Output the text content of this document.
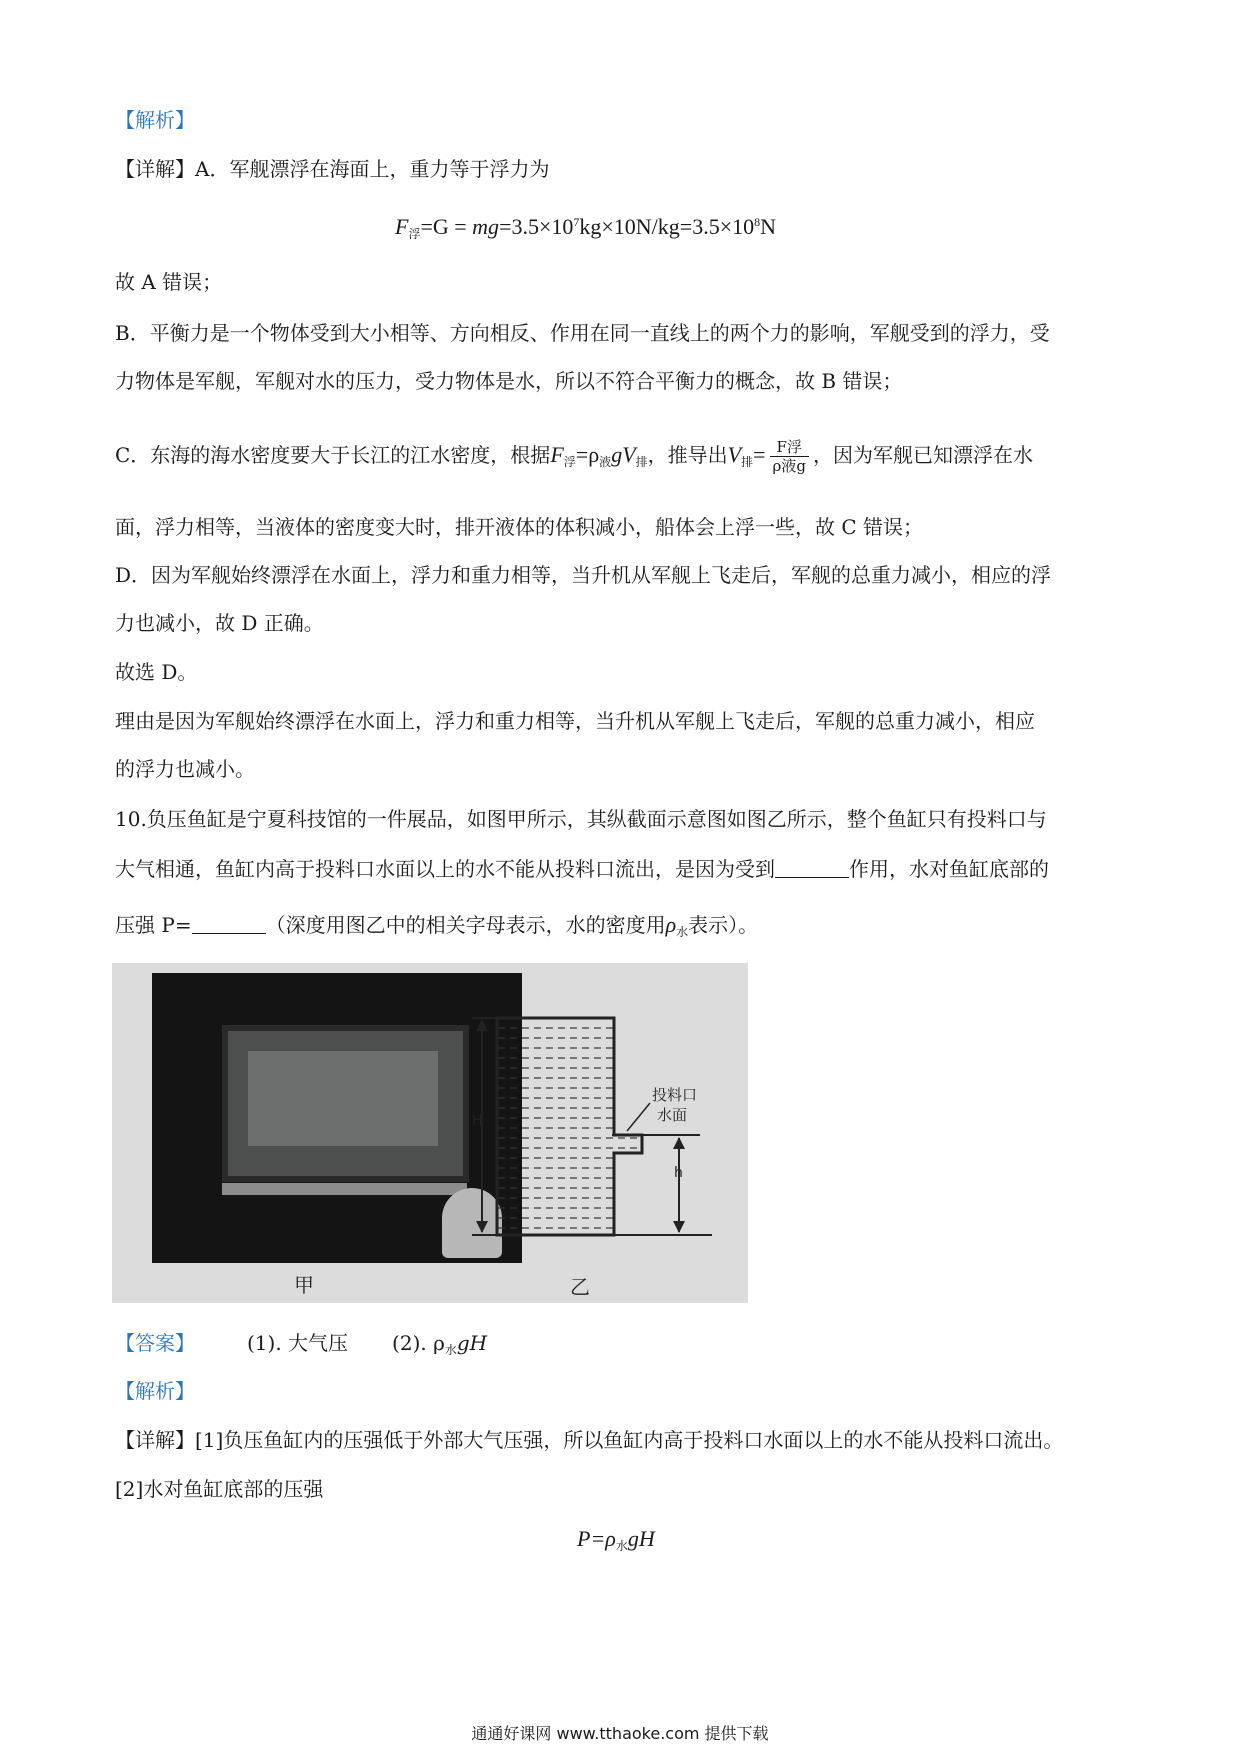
【解析】
【详解】A．军舰漂浮在海面上，重力等于浮力为
$F_浮=G = mg=3.5\times 10^7kg\times 10N/kg=3.5\times 10^8N$
故 A 错误；
B．平衡力是一个物体受到大小相等、方向相反、作用在同一直线上的两个力的影响，军舰受到的浮力，受
力物体是军舰，军舰对水的压力，受力物体是水，所以不符合平衡力的概念，故 B 错误；
C．东海的海水密度要大于长江的江水密度，根据$F_浮=\rho_液gV_排$，推导出$V_排= \frac{\text{F浮}}{\text{ρ液g}}$ ，因为军舰已知漂浮在水
面，浮力相等，当液体的密度变大时，排开液体的体积减小，船体会上浮一些，故 C 错误；
D．因为军舰始终漂浮在水面上，浮力和重力相等，当升机从军舰上飞走后，军舰的总重力减小，相应的浮
力也减小，故 D 正确。
故选 D。
理由是因为军舰始终漂浮在水面上，浮力和重力相等，当升机从军舰上飞走后，军舰的总重力减小，相应
的浮力也减小。
10.负压鱼缸是宁夏科技馆的一件展品，如图甲所示，其纵截面示意图如图乙所示，整个鱼缸只有投料口与
大气相通，鱼缸内高于投料口水面以上的水不能从投料口流出，是因为受到	作用，水对鱼缸底部的
压强 P=	（深度用图乙中的相关字母表示，水的密度用$\rho_水$表示）。
H
h
投料口
水面
甲	乙
【答案】	(1). 大气压 (2). $\rho_水gH$
【解析】
【详解】[1]负压鱼缸内的压强低于外部大气压强，所以鱼缸内高于投料口水面以上的水不能从投料口流出。
[2]水对鱼缸底部的压强
$P=\rho_水gH$
通通好课网 www.tthaoke.com 提供下载
